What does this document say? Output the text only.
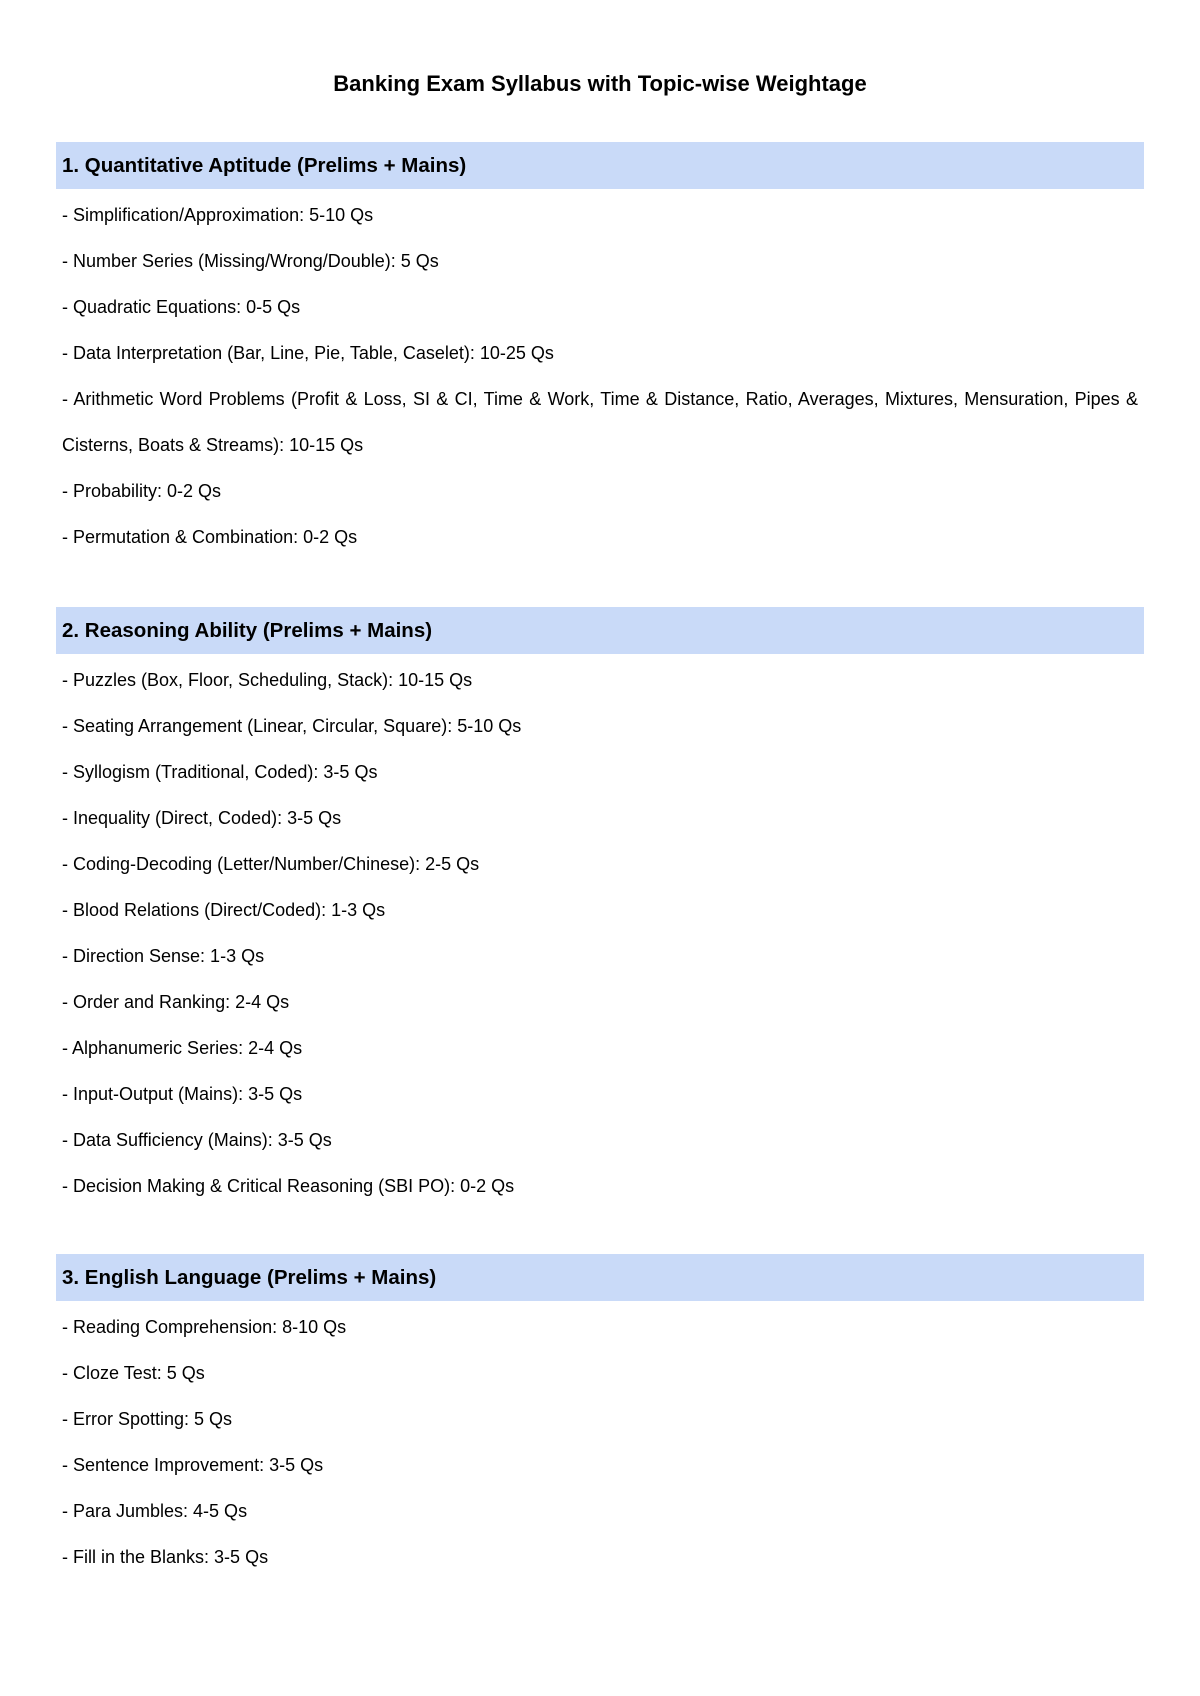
Banking Exam Syllabus with Topic-wise Weightage
1. Quantitative Aptitude (Prelims + Mains)
- Simplification/Approximation: 5-10 Qs
- Number Series (Missing/Wrong/Double): 5 Qs
- Quadratic Equations: 0-5 Qs
- Data Interpretation (Bar, Line, Pie, Table, Caselet): 10-25 Qs
- Arithmetic Word Problems (Profit & Loss, SI & CI, Time & Work, Time & Distance, Ratio, Averages, Mixtures, Mensuration, Pipes & Cisterns, Boats & Streams): 10-15 Qs
- Probability: 0-2 Qs
- Permutation & Combination: 0-2 Qs
2. Reasoning Ability (Prelims + Mains)
- Puzzles (Box, Floor, Scheduling, Stack): 10-15 Qs
- Seating Arrangement (Linear, Circular, Square): 5-10 Qs
- Syllogism (Traditional, Coded): 3-5 Qs
- Inequality (Direct, Coded): 3-5 Qs
- Coding-Decoding (Letter/Number/Chinese): 2-5 Qs
- Blood Relations (Direct/Coded): 1-3 Qs
- Direction Sense: 1-3 Qs
- Order and Ranking: 2-4 Qs
- Alphanumeric Series: 2-4 Qs
- Input-Output (Mains): 3-5 Qs
- Data Sufficiency (Mains): 3-5 Qs
- Decision Making & Critical Reasoning (SBI PO): 0-2 Qs
3. English Language (Prelims + Mains)
- Reading Comprehension: 8-10 Qs
- Cloze Test: 5 Qs
- Error Spotting: 5 Qs
- Sentence Improvement: 3-5 Qs
- Para Jumbles: 4-5 Qs
- Fill in the Blanks: 3-5 Qs
